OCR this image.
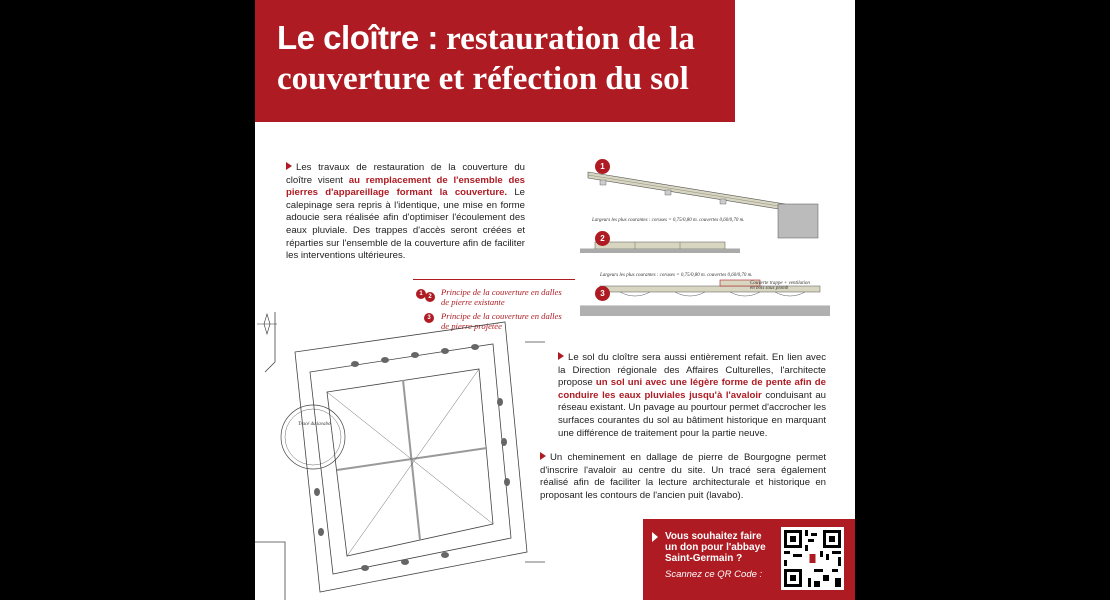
Le cloître : restauration de la
couverture et réfection du sol
Les travaux de restauration de la couverture du cloître visent au remplacement de l'ensemble des pierres d'appareillage formant la couverture. Le calepinage sera repris à l'identique, une mise en forme adoucie sera réalisée afin d'optimiser l'écoulement des eaux pluviale. Des trappes d'accès seront créées et réparties sur l'ensemble de la couverture afin de faciliter les interventions ultérieures.
1
2
3
Largeurs les plus courantes : coruses = 0,75/0,80 m. couvertes 0,60/0,70 m.
Largeurs les plus courantes : coruses = 0,75/0,80 m. couvertes 0,60/0,70 m.
Couverte trappe + ventilation en bois sous plomb
1 2	Principe de la couverture en dalles de pierre existante
3	Principe de la couverture en dalles de pierre projetée
Tracé du lavabo
Le sol du cloître sera aussi entièrement refait. En lien avec la Direction régionale des Affaires Culturelles, l'architecte propose un sol uni avec une légère forme de pente afin de conduire les eaux pluviales jusqu'à l'avaloir conduisant au réseau existant. Un pavage au pourtour permet d'accrocher les surfaces courantes du sol au bâtiment historique en marquant une différence de traitement pour la partie neuve.
Un cheminement en dallage de pierre de Bourgogne permet d'inscrire l'avaloir au centre du site. Un tracé sera également réalisé afin de faciliter la lecture architecturale et historique en proposant les contours de l'ancien puit (lavabo).
Vous souhaitez faire un don pour l'abbaye Saint-Germain ?
Scannez ce QR Code :
